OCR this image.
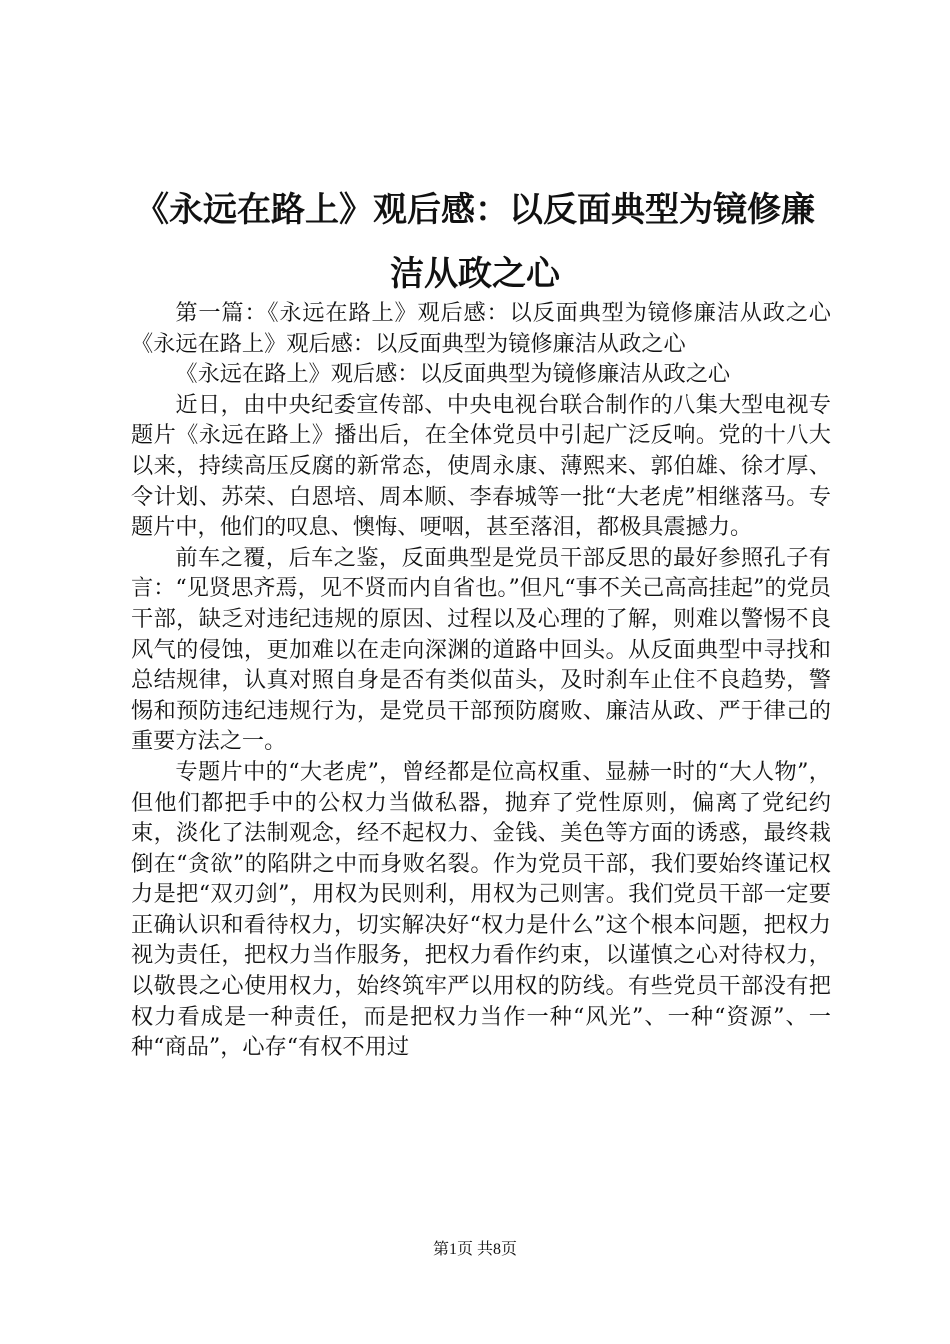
《永远在路上》观后感：以反面典型为镜修廉
洁从政之心

第一篇：《永远在路上》观后感：以反面典型为镜修廉洁从政之心《永远在路上》观后感：以反面典型为镜修廉洁从政之心

《永远在路上》观后感：以反面典型为镜修廉洁从政之心

近日，由中央纪委宣传部、中央电视台联合制作的八集大型电视专题片《永远在路上》播出后，在全体党员中引起广泛反响。党的十八大以来，持续高压反腐的新常态，使周永康、薄熙来、郭伯雄、徐才厚、令计划、苏荣、白恩培、周本顺、李春城等一批“大老虎”相继落马。专题片中，他们的叹息、懊悔、哽咽，甚至落泪，都极具震撼力。

前车之覆，后车之鉴，反面典型是党员干部反思的最好参照孔子有言：“见贤思齐焉，见不贤而内自省也。”但凡“事不关己高高挂起”的党员干部，缺乏对违纪违规的原因、过程以及心理的了解，则难以警惕不良风气的侵蚀，更加难以在走向深渊的道路中回头。从反面典型中寻找和总结规律，认真对照自身是否有类似苗头，及时刹车止住不良趋势，警惕和预防违纪违规行为，是党员干部预防腐败、廉洁从政、严于律己的重要方法之一。

专题片中的“大老虎”，曾经都是位高权重、显赫一时的“大人物”，但他们都把手中的公权力当做私器，抛弃了党性原则，偏离了党纪约束，淡化了法制观念，经不起权力、金钱、美色等方面的诱惑，最终栽倒在“贪欲”的陷阱之中而身败名裂。作为党员干部，我们要始终谨记权力是把“双刃剑”，用权为民则利，用权为己则害。我们党员干部一定要正确认识和看待权力，切实解决好“权力是什么”这个根本问题，把权力视为责任，把权力当作服务，把权力看作约束，以谨慎之心对待权力，以敬畏之心使用权力，始终筑牢严以用权的防线。有些党员干部没有把权力看成是一种责任，而是把权力当作一种“风光”、一种“资源”、一种“商品”，心存“有权不用过

第1页 共8页
